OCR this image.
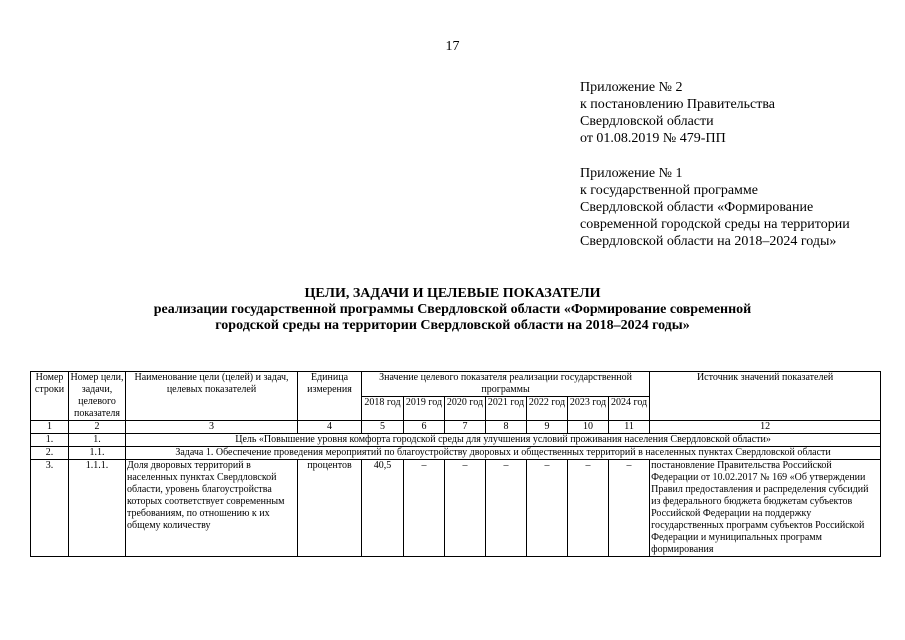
17
Приложение № 2
к постановлению Правительства
Свердловской области
от 01.08.2019 № 479-ПП
Приложение № 1
к государственной программе
Свердловской области «Формирование
современной городской среды на территории
Свердловской области на 2018–2024 годы»
ЦЕЛИ, ЗАДАЧИ И ЦЕЛЕВЫЕ ПОКАЗАТЕЛИ
реализации государственной программы Свердловской области «Формирование современной
городской среды на территории Свердловской области на 2018–2024 годы»
Номер строки	Номер цели, задачи, целевого показателя	Наименование цели (целей) и задач, целевых показателей	Единица измерения	Значение целевого показателя реализации государственной программы							Источник значений показателей
				2018 год	2019 год	2020 год	2021 год	2022 год	2023 год	2024 год	
1	2	3	4	5	6	7	8	9	10	11	12
1.	1.	Цель «Повышение уровня комфорта городской среды для улучшения условий проживания населения Свердловской области»									
2.	1.1.	Задача 1. Обеспечение проведения мероприятий по благоустройству дворовых и общественных территорий в населенных пунктах Свердловской области									
3.	1.1.1.	Доля дворовых территорий в населенных пунктах Свердловской области, уровень благоустройства которых соответствует современным требованиям, по отношению к их общему количеству	процентов	40,5	–	–	–	–	–	–	постановление Правительства Российской Федерации от 10.02.2017 № 169 «Об утверждении Правил предоставления и распределения субсидий из федерального бюджета бюджетам субъектов Российской Федерации на поддержку государственных программ субъектов Российской Федерации и муниципальных программ формирования
